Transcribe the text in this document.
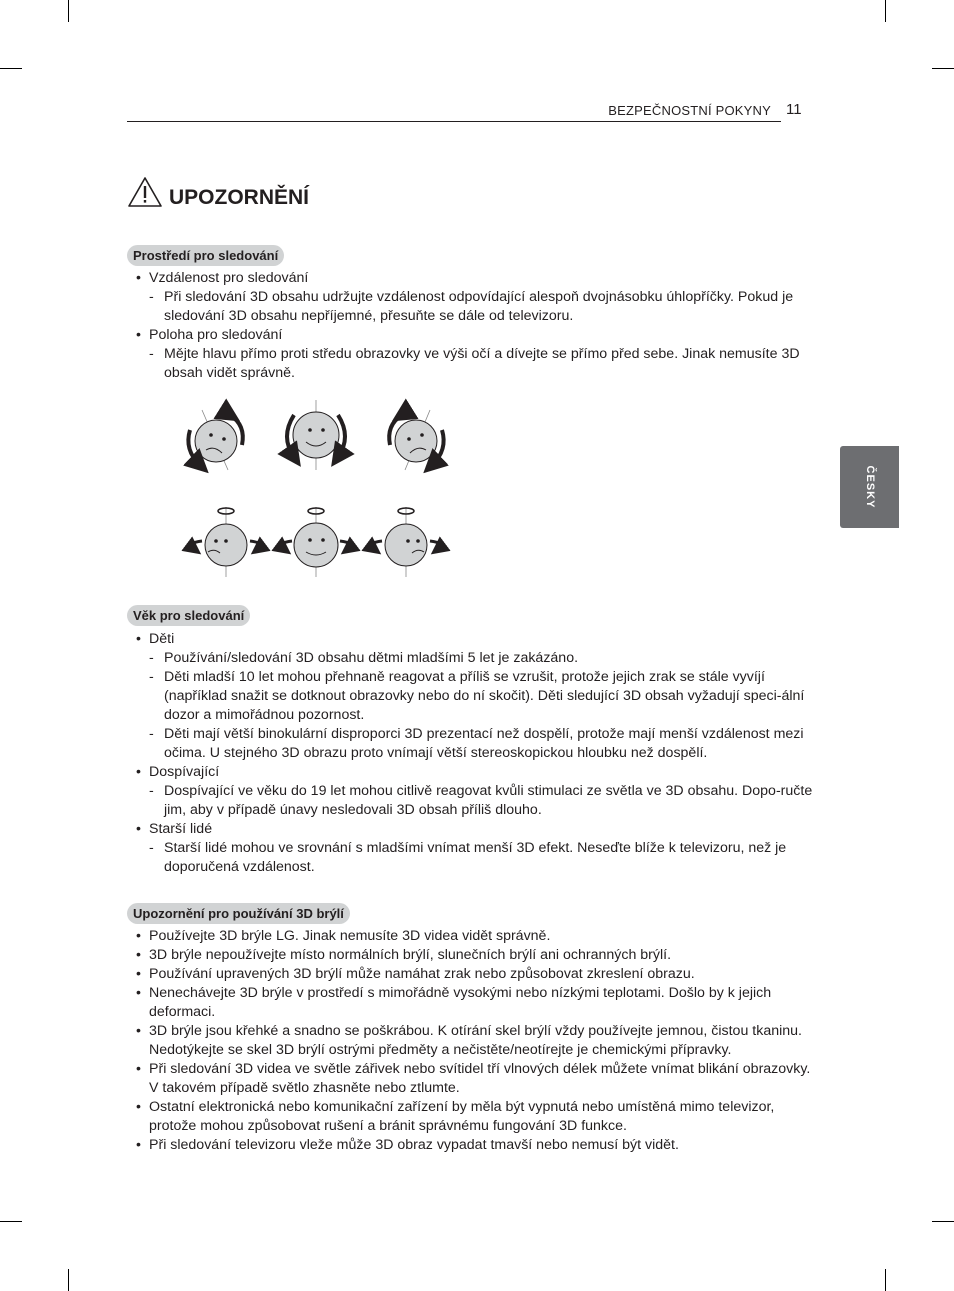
BEZPEČNOSTNÍ POKYNY 11
ČESKY
UPOZORNĚNÍ
Prostředí pro sledování
• Vzdálenost pro sledování
- Při sledování 3D obsahu udržujte vzdálenost odpovídající alespoň dvojnásobku úhlopříčky. Pokud je sledování 3D obsahu nepříjemné, přesuňte se dále od televizoru.
• Poloha pro sledování
- Mějte hlavu přímo proti středu obrazovky ve výši očí a dívejte se přímo před sebe. Jinak nemusíte 3D obsah vidět správně.
Věk pro sledování
• Děti
- Používání/sledování 3D obsahu dětmi mladšími 5 let je zakázáno.
- Děti mladší 10 let mohou přehnaně reagovat a příliš se vzrušit, protože jejich zrak se stále vyvíjí (například snažit se dotknout obrazovky nebo do ní skočit). Děti sledující 3D obsah vyžadují speci-ální dozor a mimořádnou pozornost.
- Děti mají větší binokulární disproporci 3D prezentací než dospělí, protože mají menší vzdálenost mezi očima. U stejného 3D obrazu proto vnímají větší stereoskopickou hloubku než dospělí.
• Dospívající
- Dospívající ve věku do 19 let mohou citlivě reagovat kvůli stimulaci ze světla ve 3D obsahu. Dopo-ručte jim, aby v případě únavy nesledovali 3D obsah příliš dlouho.
• Starší lidé
- Starší lidé mohou ve srovnání s mladšími vnímat menší 3D efekt. Neseďte blíže k televizoru, než je doporučená vzdálenost.
Upozornění pro používání 3D brýlí
• Používejte 3D brýle LG. Jinak nemusíte 3D videa vidět správně.
• 3D brýle nepoužívejte místo normálních brýlí, slunečních brýlí ani ochranných brýlí.
• Používání upravených 3D brýlí může namáhat zrak nebo způsobovat zkreslení obrazu.
• Nenechávejte 3D brýle v prostředí s mimořádně vysokými nebo nízkými teplotami. Došlo by k jejich deformaci.
• 3D brýle jsou křehké a snadno se poškrábou. K otírání skel brýlí vždy používejte jemnou, čistou tkaninu. Nedotýkejte se skel 3D brýlí ostrými předměty a nečistěte/neotírejte je chemickými přípravky.
• Při sledování 3D videa ve světle zářivek nebo svítidel tří vlnových délek můžete vnímat blikání obrazovky. V takovém případě světlo zhasněte nebo ztlumte.
• Ostatní elektronická nebo komunikační zařízení by měla být vypnutá nebo umístěná mimo televizor, protože mohou způsobovat rušení a bránit správnému fungování 3D funkce.
• Při sledování televizoru vleže může 3D obraz vypadat tmavší nebo nemusí být vidět.
